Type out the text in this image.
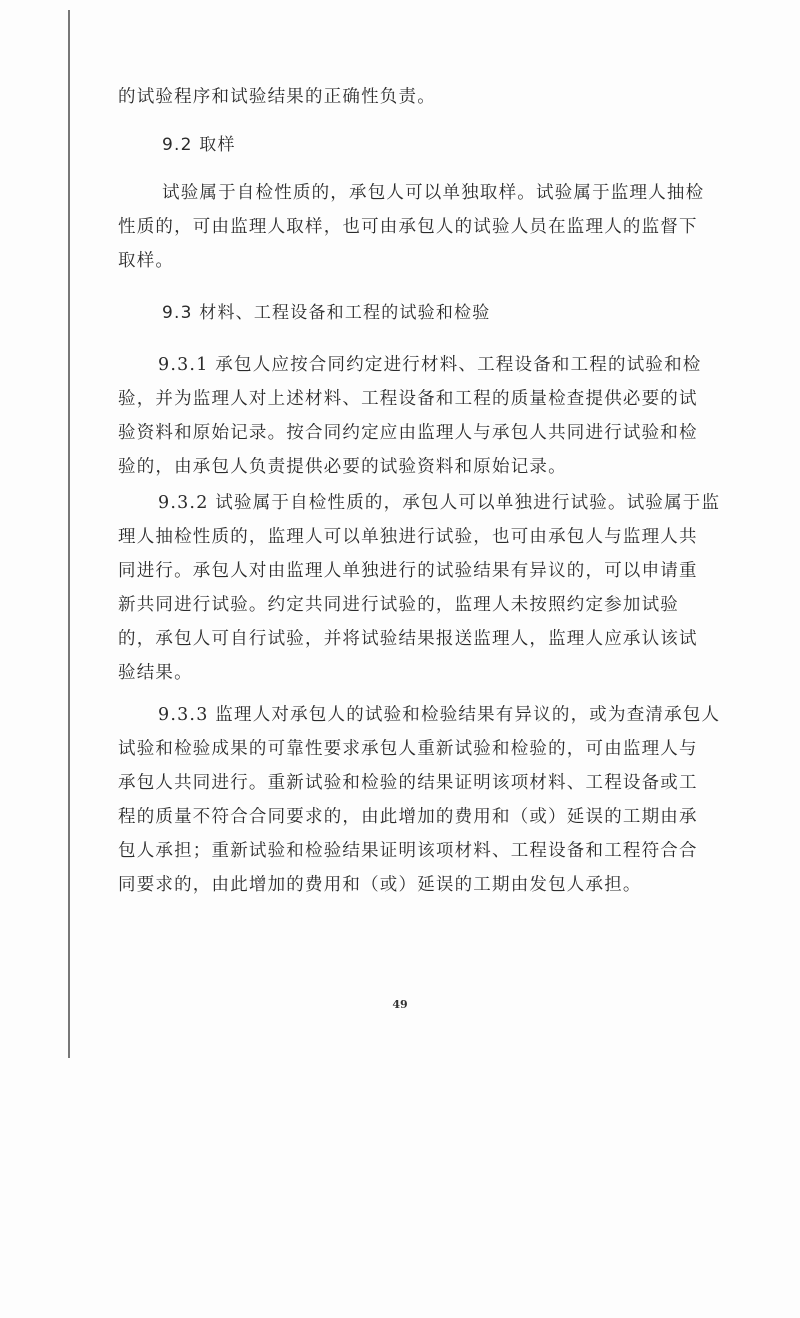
的试验程序和试验结果的正确性负责。
9.2 取样
试验属于自检性质的，承包人可以单独取样。试验属于监理人抽检
性质的，可由监理人取样，也可由承包人的试验人员在监理人的监督下
取样。
9.3 材料、工程设备和工程的试验和检验
9.3.1 承包人应按合同约定进行材料、工程设备和工程的试验和检
验，并为监理人对上述材料、工程设备和工程的质量检查提供必要的试
验资料和原始记录。按合同约定应由监理人与承包人共同进行试验和检
验的，由承包人负责提供必要的试验资料和原始记录。
9.3.2 试验属于自检性质的，承包人可以单独进行试验。试验属于监
理人抽检性质的，监理人可以单独进行试验，也可由承包人与监理人共
同进行。承包人对由监理人单独进行的试验结果有异议的，可以申请重
新共同进行试验。约定共同进行试验的，监理人未按照约定参加试验
的，承包人可自行试验，并将试验结果报送监理人，监理人应承认该试
验结果。
9.3.3 监理人对承包人的试验和检验结果有异议的，或为查清承包人
试验和检验成果的可靠性要求承包人重新试验和检验的，可由监理人与
承包人共同进行。重新试验和检验的结果证明该项材料、工程设备或工
程的质量不符合合同要求的，由此增加的费用和（或）延误的工期由承
包人承担；重新试验和检验结果证明该项材料、工程设备和工程符合合
同要求的，由此增加的费用和（或）延误的工期由发包人承担。
49
